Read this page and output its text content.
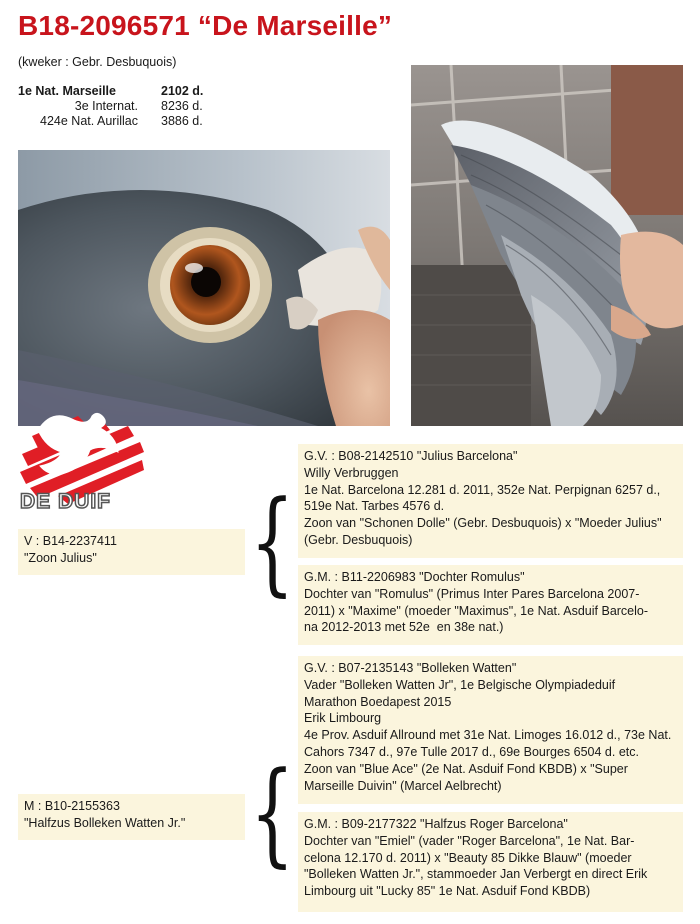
B18-2096571 “De Marseille”
(kweker : Gebr. Desbuquois)
1e Nat. Marseille	2102 d.
3e Internat. 8236 d.
424e Nat. Aurillac 3886 d.
DE DUIF
V : B14-2237411
"Zoon Julius"
M : B10-2155363
"Halfzus Bolleken Watten Jr."
{
{
G.V. : B08-2142510 "Julius Barcelona"
Willy Verbruggen
1e Nat. Barcelona 12.281 d. 2011, 352e Nat. Perpignan 6257 d.,
519e Nat. Tarbes 4576 d.
Zoon van "Schonen Dolle" (Gebr. Desbuquois) x "Moeder Julius"
(Gebr. Desbuquois)
G.M. : B11-2206983 "Dochter Romulus"
Dochter van "Romulus" (Primus Inter Pares Barcelona 2007-
2011) x "Maxime" (moeder "Maximus", 1e Nat. Asduif Barcelo-
na 2012-2013 met 52e  en 38e nat.)
G.V. : B07-2135143 "Bolleken Watten"
Vader "Bolleken Watten Jr", 1e Belgische Olympiadeduif
Marathon Boedapest 2015
Erik Limbourg
4e Prov. Asduif Allround met 31e Nat. Limoges 16.012 d., 73e Nat.
Cahors 7347 d., 97e Tulle 2017 d., 69e Bourges 6504 d. etc.
Zoon van "Blue Ace" (2e Nat. Asduif Fond KBDB) x "Super
Marseille Duivin" (Marcel Aelbrecht)
G.M. : B09-2177322 "Halfzus Roger Barcelona"
Dochter van "Emiel" (vader "Roger Barcelona", 1e Nat. Bar-
celona 12.170 d. 2011) x "Beauty 85 Dikke Blauw" (moeder
"Bolleken Watten Jr.", stammoeder Jan Verbergt en direct Erik
Limbourg uit "Lucky 85" 1e Nat. Asduif Fond KBDB)
